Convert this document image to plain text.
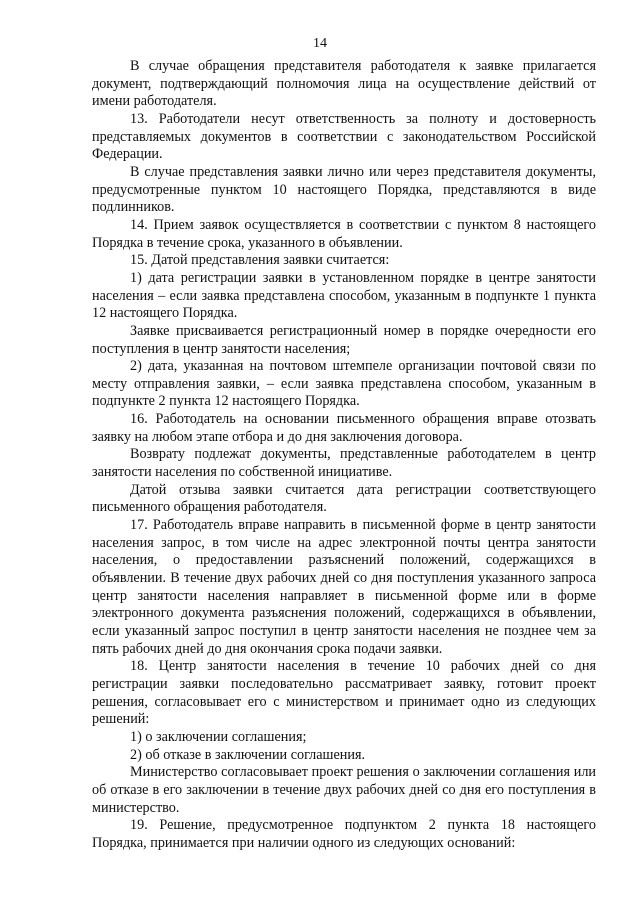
14

В случае обращения представителя работодателя к заявке прилагается документ, подтверждающий полномочия лица на осуществление действий от имени работодателя.

13. Работодатели несут ответственность за полноту и достоверность представляемых документов в соответствии с законодательством Российской Федерации.

В случае представления заявки лично или через представителя документы, предусмотренные пунктом 10 настоящего Порядка, представляются в виде подлинников.

14. Прием заявок осуществляется в соответствии с пунктом 8 настоящего Порядка в течение срока, указанного в объявлении.

15. Датой представления заявки считается:

1) дата регистрации заявки в установленном порядке в центре занятости населения – если заявка представлена способом, указанным в подпункте 1 пункта 12 настоящего Порядка.

Заявке присваивается регистрационный номер в порядке очередности его поступления в центр занятости населения;

2) дата, указанная на почтовом штемпеле организации почтовой связи по месту отправления заявки, – если заявка представлена способом, указанным в подпункте 2 пункта 12 настоящего Порядка.

16. Работодатель на основании письменного обращения вправе отозвать заявку на любом этапе отбора и до дня заключения договора.

Возврату подлежат документы, представленные работодателем в центр занятости населения по собственной инициативе.

Датой отзыва заявки считается дата регистрации соответствующего письменного обращения работодателя.

17. Работодатель вправе направить в письменной форме в центр занятости населения запрос, в том числе на адрес электронной почты центра занятости населения, о предоставлении разъяснений положений, содержащихся в объявлении. В течение двух рабочих дней со дня поступления указанного запроса центр занятости населения направляет в письменной форме или в форме электронного документа разъяснения положений, содержащихся в объявлении, если указанный запрос поступил в центр занятости населения не позднее чем за пять рабочих дней до дня окончания срока подачи заявки.

18. Центр занятости населения в течение 10 рабочих дней со дня регистрации заявки последовательно рассматривает заявку, готовит проект решения, согласовывает его с министерством и принимает одно из следующих решений:

1) о заключении соглашения;

2) об отказе в заключении соглашения.

Министерство согласовывает проект решения о заключении соглашения или об отказе в его заключении в течение двух рабочих дней со дня его поступления в министерство.

19. Решение, предусмотренное подпунктом 2 пункта 18 настоящего Порядка, принимается при наличии одного из следующих оснований:
